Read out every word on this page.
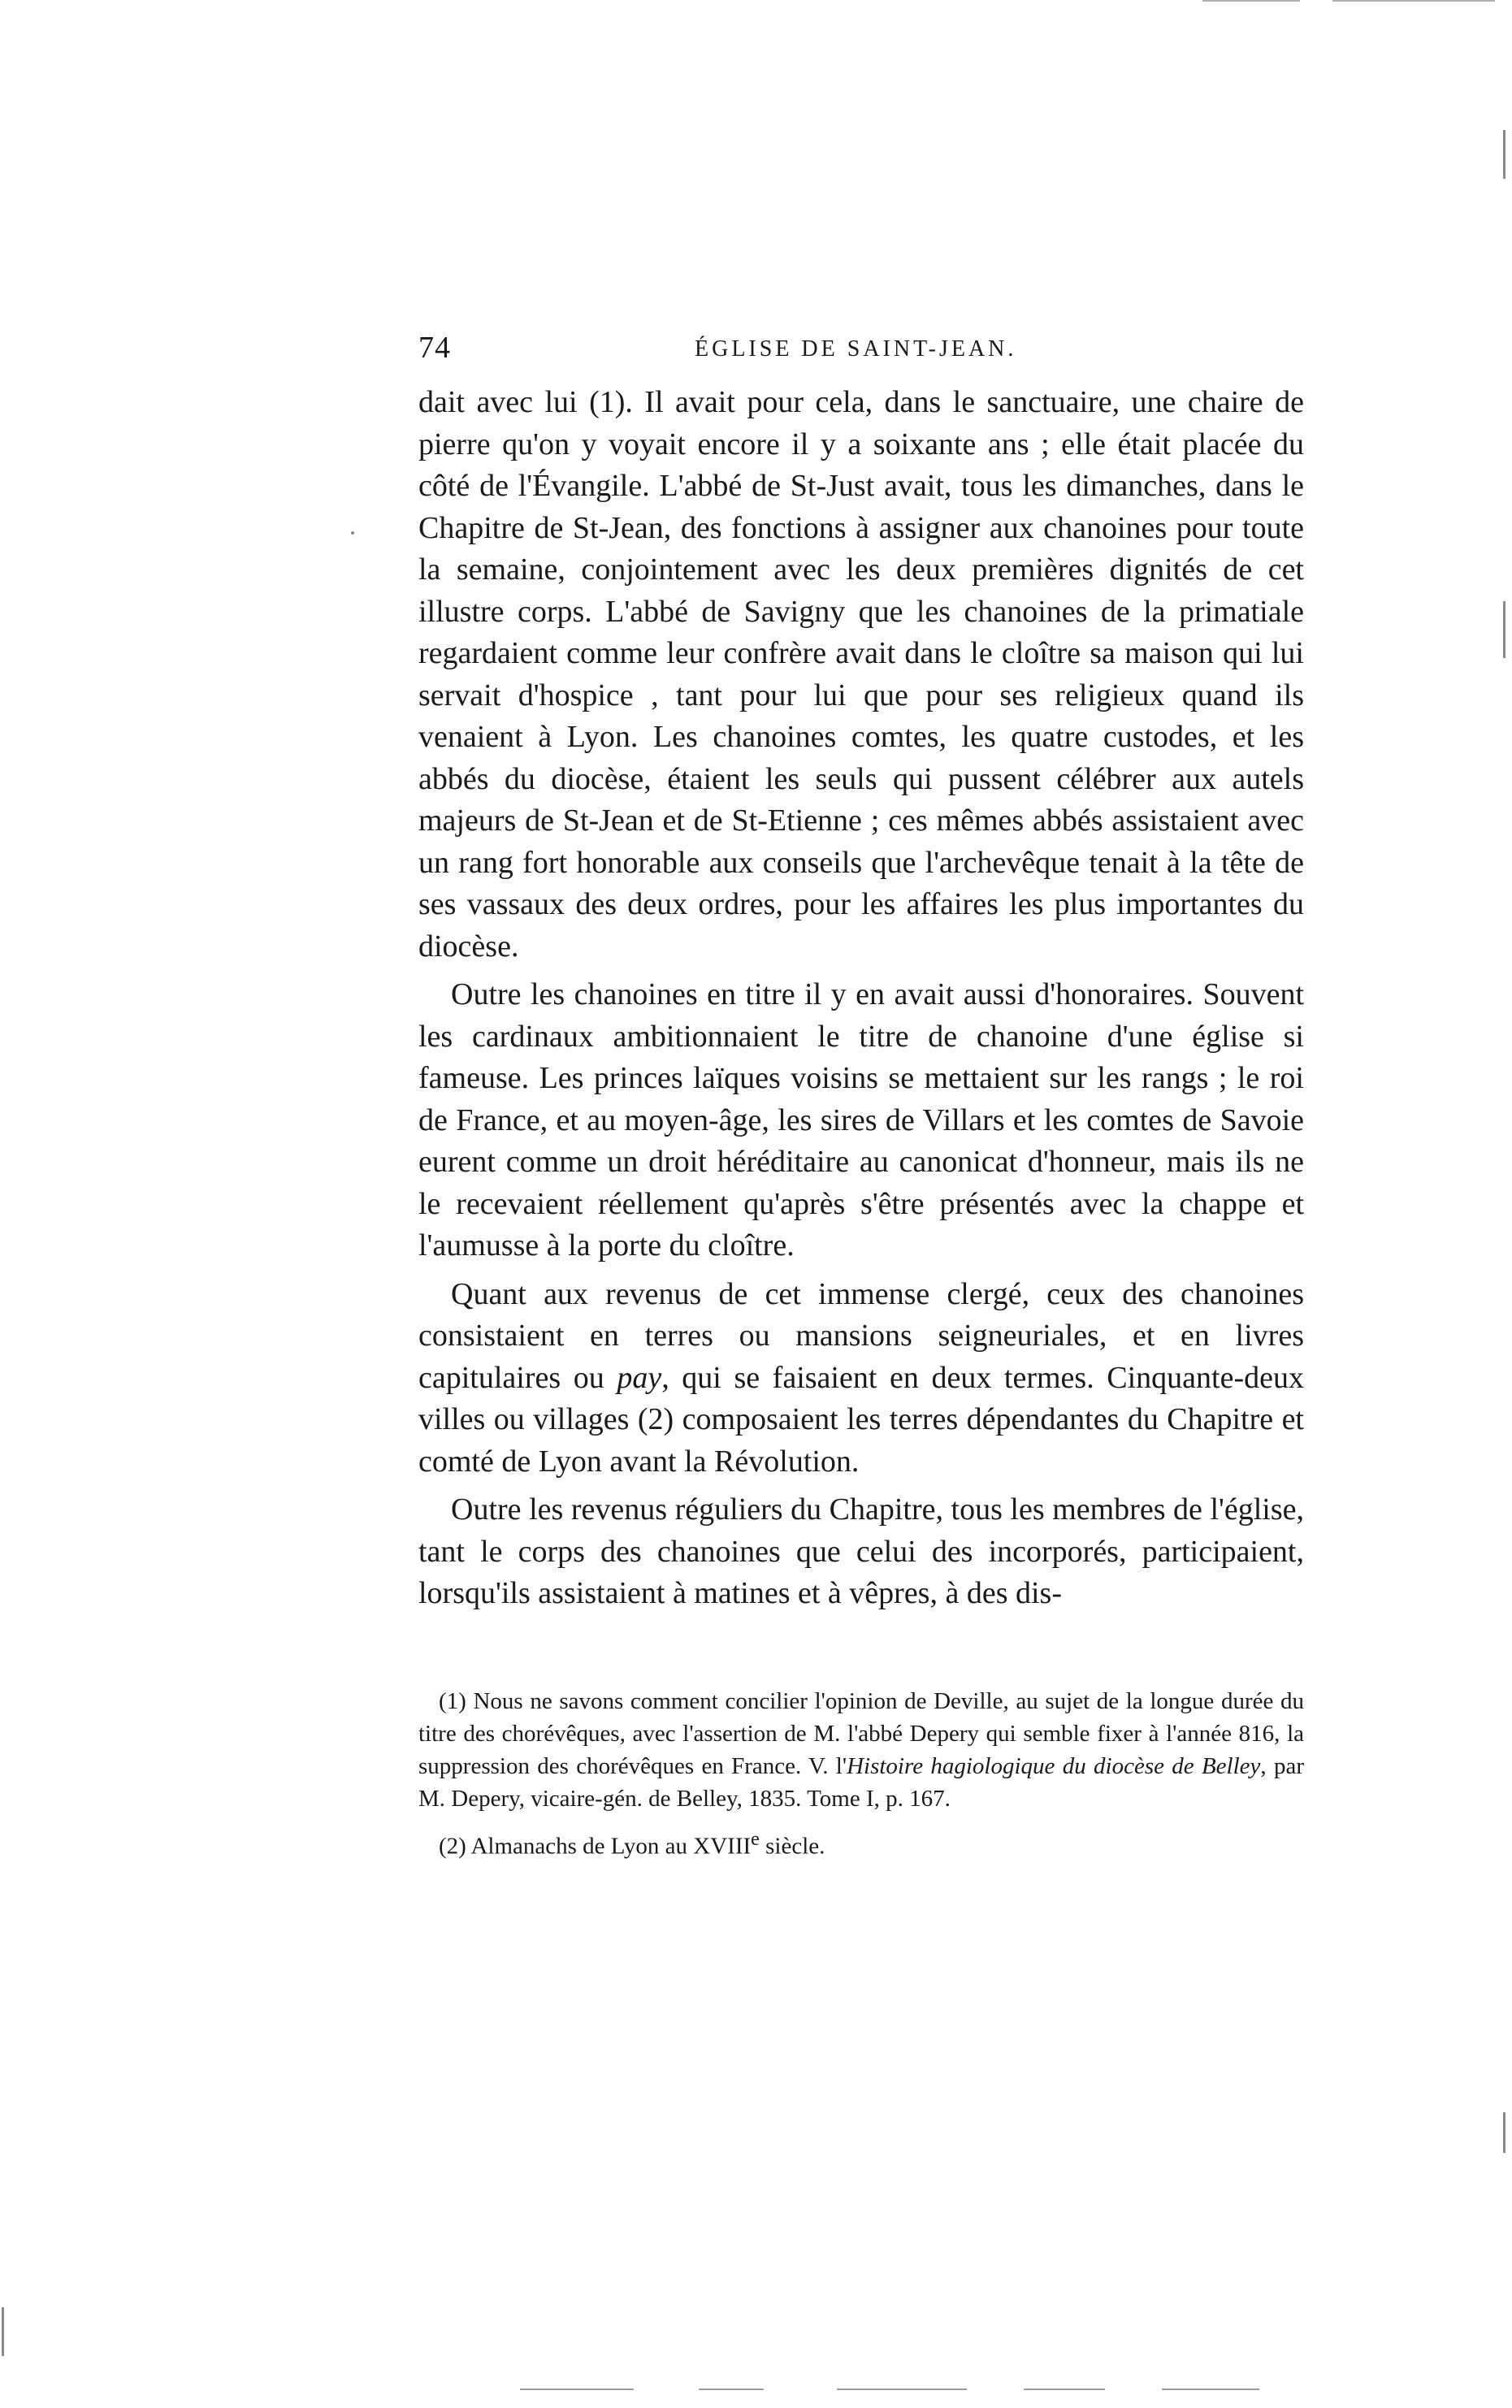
74	ÉGLISE DE SAINT-JEAN.

dait avec lui (1). Il avait pour cela, dans le sanctuaire, une chaire de pierre qu'on y voyait encore il y a soixante ans ; elle était placée du côté de l'Évangile. L'abbé de St-Just avait, tous les dimanches, dans le Chapitre de St-Jean, des fonctions à assigner aux chanoines pour toute la semaine, conjointement avec les deux premières dignités de cet illustre corps. L'abbé de Savigny que les chanoines de la primatiale regardaient comme leur confrère avait dans le cloître sa maison qui lui servait d'hospice , tant pour lui que pour ses religieux quand ils venaient à Lyon. Les chanoines comtes, les quatre custodes, et les abbés du diocèse, étaient les seuls qui pussent célébrer aux autels majeurs de St-Jean et de St-Etienne ; ces mêmes abbés assistaient avec un rang fort honorable aux conseils que l'archevêque tenait à la tête de ses vassaux des deux ordres, pour les affaires les plus importantes du diocèse.

Outre les chanoines en titre il y en avait aussi d'honoraires. Souvent les cardinaux ambitionnaient le titre de chanoine d'une église si fameuse. Les princes laïques voisins se mettaient sur les rangs ; le roi de France, et au moyen-âge, les sires de Villars et les comtes de Savoie eurent comme un droit héréditaire au canonicat d'honneur, mais ils ne le recevaient réellement qu'après s'être présentés avec la chappe et l'aumusse à la porte du cloître.

Quant aux revenus de cet immense clergé, ceux des chanoines consistaient en terres ou mansions seigneuriales, et en livres capitulaires ou pay, qui se faisaient en deux termes. Cinquante-deux villes ou villages (2) composaient les terres dépendantes du Chapitre et comté de Lyon avant la Révolution.

Outre les revenus réguliers du Chapitre, tous les membres de l'église, tant le corps des chanoines que celui des incorporés, participaient, lorsqu'ils assistaient à matines et à vêpres, à des dis-

(1) Nous ne savons comment concilier l'opinion de Deville, au sujet de la longue durée du titre des chorévêques, avec l'assertion de M. l'abbé Depery qui semble fixer à l'année 816, la suppression des chorévêques en France. V. l'Histoire hagiologique du diocèse de Belley, par M. Depery, vicaire-gén. de Belley, 1835. Tome I, p. 167.

(2) Almanachs de Lyon au XVIIIe siècle.
